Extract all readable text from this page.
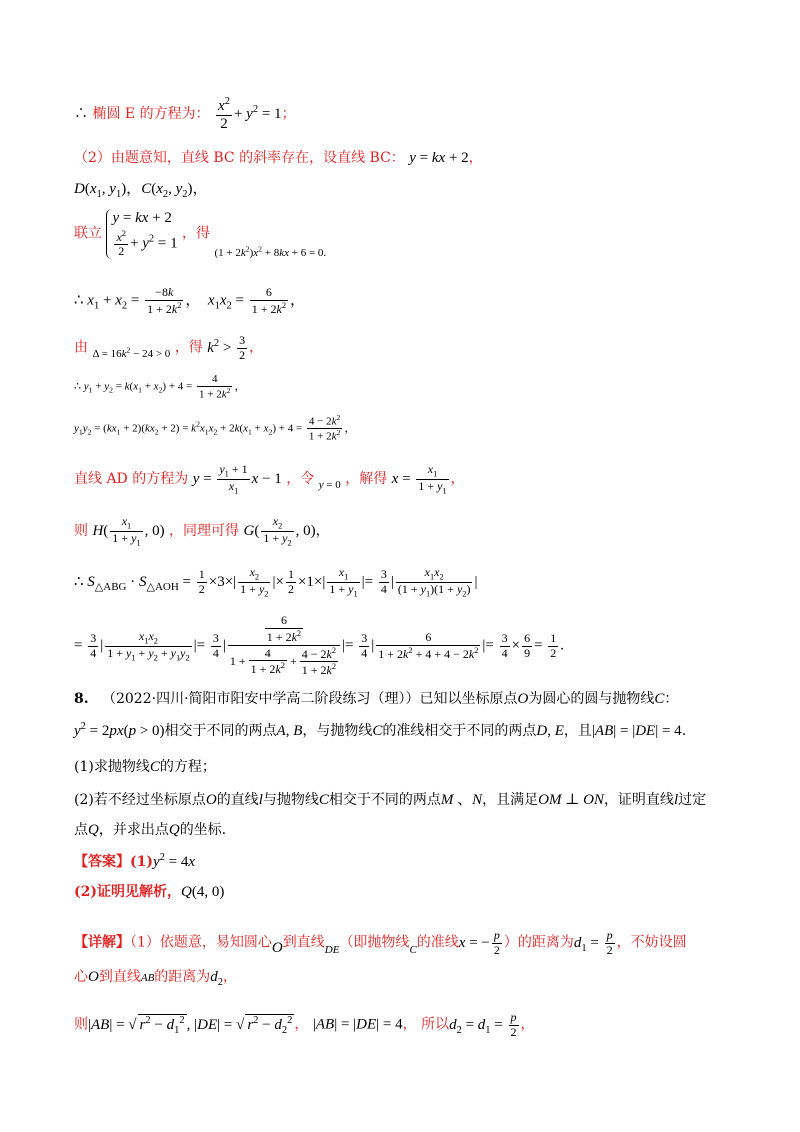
∴ 椭圆 E 的方程为： $\frac{x^2}{2} + y^2 = 1$；
（2）由题意知，直线 BC 的斜率存在，设直线 BC： y = kx + 2，
$D(x_1$, $y_1$)，$C(x_2$, $y_2$)，
联立
y = kx + 2
$\frac{x^2}{2} + y^2 = 1$
，得 $_{(1 + 2k^2)x^2 + 8kx + 6 = 0.}$
∴ $x_1 + x_2 = \frac{-8k}{1 + 2k^2}$ ，  $x_1x_2 = \frac{6}{1 + 2k^2}$ ，
由 $_{\Delta = 16k^2 - 24 > 0}$ ，得 $k^2 > \frac{3}{2}$ ，
∴ $y_1 + y_2 = k(x_1 + x_2) + 4 = \frac{4}{1 + 2k^2}$ ，
$y_1y_2 = (kx_1 + 2)(kx_2 + 2) = k^2x_1x_2 + 2k(x_1 + x_2) + 4 = \frac{4 - 2k^2}{1 + 2k^2}$ ，
直线 AD 的方程为 $y = \frac{y_1 + 1}{x_1}$ x − 1 ，令 $_{y = 0}$ ，解得 $x = \frac{x_1}{1 + y_1}$ ，
则 $H( \frac{x_1}{1 + y_1}$ , 0) ，同理可得 $G( \frac{x_2}{1 + y_2}$ , 0)，
∴ $S_{\triangle ABG} \cdot S_{\triangle AOH} = \frac{1}{2} \times 3\times| \frac{x_2}{1 + y_2}$ |× $\frac{1}{2} \times 1\times| \frac{x_1}{1 + y_1}$ |= $\frac{3}{4}$ | $\frac{x_1x_2}{(1 + y_1)(1 + y_2)}$ |
= $\frac{3}{4}$ | $\frac{x_1x_2}{1 + y_1 + y_2 + y_1y_2}$ |= $\frac{3}{4}$ | $\frac{\frac{6}{1 + 2k^2}}{1 + \frac{4}{1 + 2k^2} + \frac{4 - 2k^2}{1 + 2k^2}}$ |= $\frac{3}{4}$ | $\frac{6}{1 + 2k^2 + 4 + 4 - 2k^2}$ |= $\frac{3}{4} \times \frac{6}{9} = \frac{1}{2}$ .
8. （2022·四川·简阳市阳安中学高二阶段练习（理））已知以坐标原点O为圆心的圆与抛物线C：
$y^2 = 2px(p > 0)$相交于不同的两点A, B，与抛物线C的准线相交于不同的两点D, E，且|AB| = |DE| = 4.
(1)求抛物线C的方程；
(2)若不经过坐标原点O的直线l与抛物线C相交于不同的两点M 、N，且满足OM ⊥ ON，证明直线l过定
点Q，并求出点Q的坐标.
【答案】$(1)y^2 = 4x$
(2)证明见解析，Q(4, 0)
【详解】（1）依题意，易知圆心O到直线$_{DE}$（即抛物线$_C$的准线x = − $\frac{p}{2}$ ）的距离为$d_1 = \frac{p}{2}$ ，不妨设圆
心O到直线AB的距离为$d_2$，
则|AB| = √ $r^2 - d_1^2$ , |DE| = √ $r^2 - d_2^2$ ， |AB| = |DE| = 4， 所以$d_2 = d_1 = \frac{p}{2}$ ，
